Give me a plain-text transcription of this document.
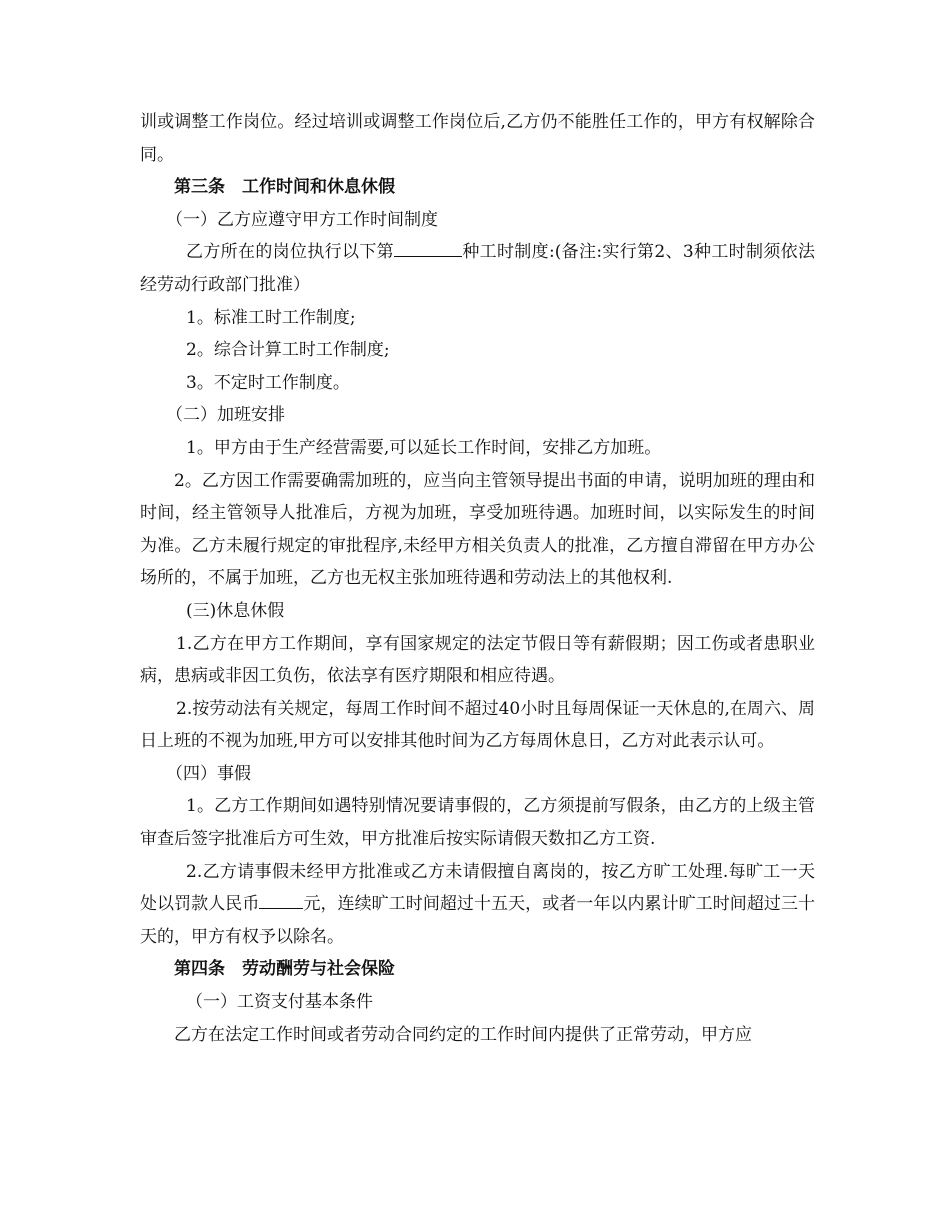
训或调整工作岗位。经过培训或调整工作岗位后,乙方仍不能胜任工作的，甲方有权解除合同。

第三条　工作时间和休息休假

（一）乙方应遵守甲方工作时间制度

乙方所在的岗位执行以下第	种工时制度:(备注:实行第2、3种工时制须依法经劳动行政部门批准）

1。标准工时工作制度;

2。综合计算工时工作制度;

3。不定时工作制度。

（二）加班安排

1。甲方由于生产经营需要,可以延长工作时间，安排乙方加班。

2。乙方因工作需要确需加班的，应当向主管领导提出书面的申请，说明加班的理由和时间，经主管领导人批准后，方视为加班，享受加班待遇。加班时间，以实际发生的时间为准。乙方未履行规定的审批程序,未经甲方相关负责人的批准，乙方擅自滞留在甲方办公场所的，不属于加班，乙方也无权主张加班待遇和劳动法上的其他权利.

(三)休息休假

1.乙方在甲方工作期间，享有国家规定的法定节假日等有薪假期；因工伤或者患职业病，患病或非因工负伤，依法享有医疗期限和相应待遇。

2.按劳动法有关规定，每周工作时间不超过40小时且每周保证一天休息的,在周六、周日上班的不视为加班,甲方可以安排其他时间为乙方每周休息日，乙方对此表示认可。

（四）事假

1。乙方工作期间如遇特别情况要请事假的，乙方须提前写假条，由乙方的上级主管审查后签字批准后方可生效，甲方批准后按实际请假天数扣乙方工资.

2.乙方请事假未经甲方批准或乙方未请假擅自离岗的，按乙方旷工处理.每旷工一天处以罚款人民币	元，连续旷工时间超过十五天，或者一年以内累计旷工时间超过三十天的，甲方有权予以除名。

第四条　劳动酬劳与社会保险

（一）工资支付基本条件

乙方在法定工作时间或者劳动合同约定的工作时间内提供了正常劳动，甲方应
